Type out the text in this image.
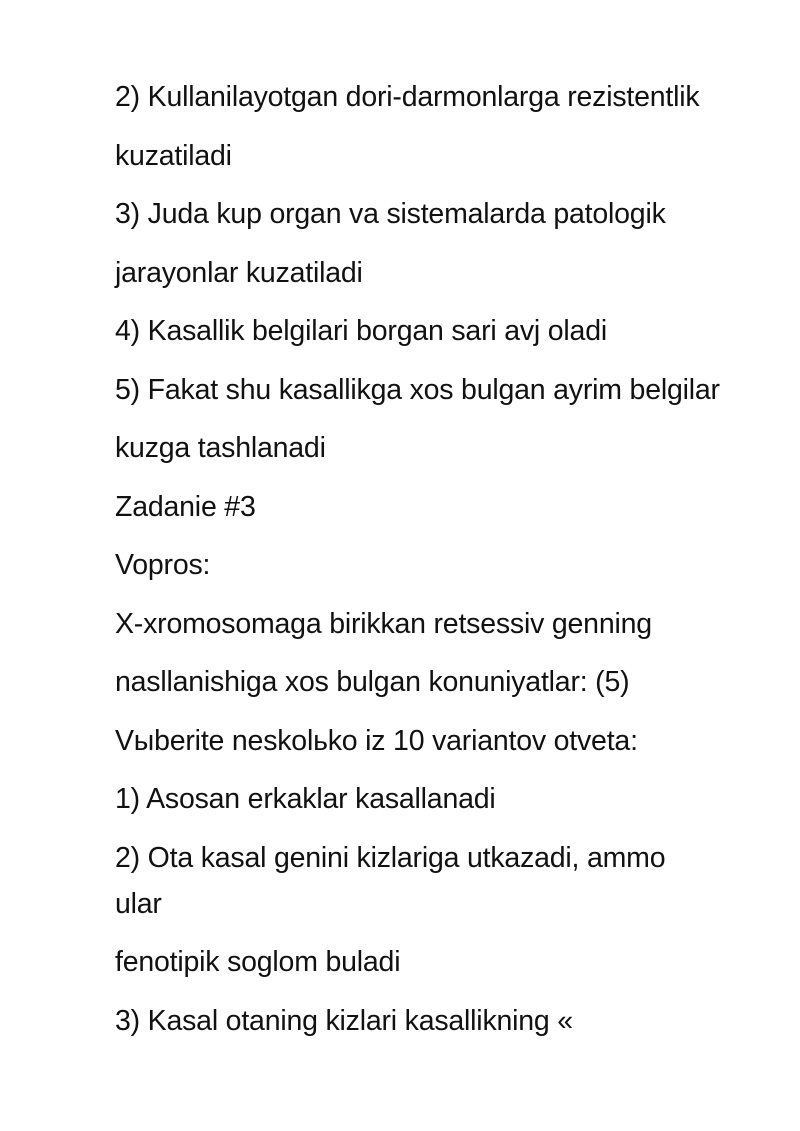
2) Kullanilayotgan dori-darmonlarga rezistentlik

kuzatiladi

3) Juda kup organ va sistemalarda patologik

jarayonlar kuzatiladi

4) Kasallik belgilari borgan sari avj oladi

5) Fakat shu kasallikga xos bulgan ayrim belgilar

kuzga tashlanadi

Zadanie #3

Vopros:

X-xromosomaga birikkan retsessiv genning

nasllanishiga xos bulgan konuniyatlar: (5)

Vыberite neskolьko iz 10 variantov otveta:

1) Asosan erkaklar kasallanadi

2) Ota kasal genini kizlariga utkazadi, ammo

ular

fenotipik soglom buladi

3) Kasal otaning kizlari kasallikning «
